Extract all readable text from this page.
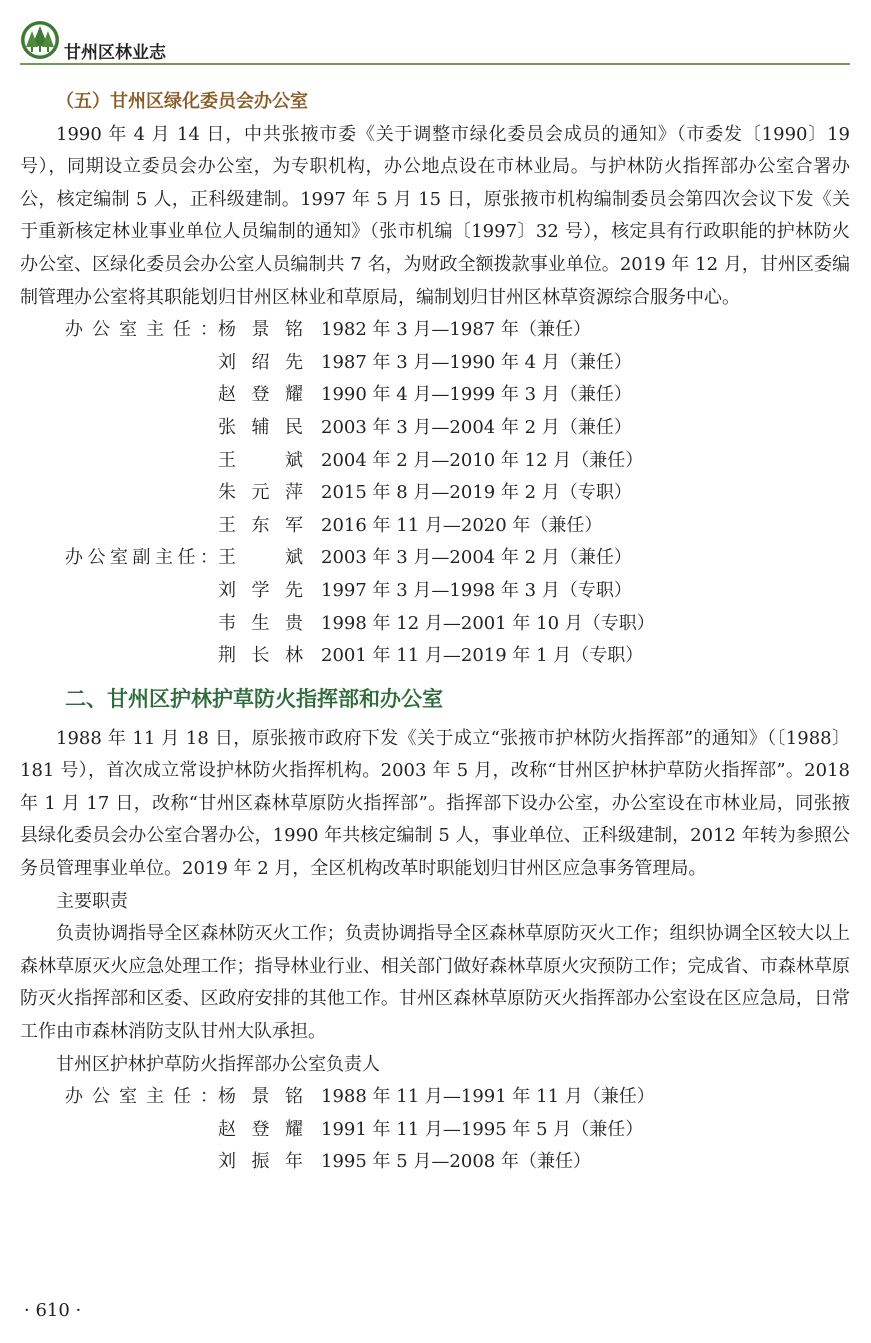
甘州区林业志

（五）甘州区绿化委员会办公室

1990 年 4 月 14 日，中共张掖市委《关于调整市绿化委员会成员的通知》（市委发〔1990〕19 号），同期设立委员会办公室，为专职机构，办公地点设在市林业局。与护林防火指挥部办公室合署办公，核定编制 5 人，正科级建制。1997 年 5 月 15 日，原张掖市机构编制委员会第四次会议下发《关于重新核定林业事业单位人员编制的通知》（张市机编〔1997〕32 号），核定具有行政职能的护林防火办公室、区绿化委员会办公室人员编制共 7 名，为财政全额拨款事业单位。2019 年 12 月，甘州区委编制管理办公室将其职能划归甘州区林业和草原局，编制划归甘州区林草资源综合服务中心。

办公室主任： 杨景铭 1982 年 3 月—1987 年（兼任）
刘绍先 1987 年 3 月—1990 年 4 月（兼任）
赵登耀 1990 年 4 月—1999 年 3 月（兼任）
张辅民 2003 年 3 月—2004 年 2 月（兼任）
王斌 2004 年 2 月—2010 年 12 月（兼任）
朱元萍 2015 年 8 月—2019 年 2 月（专职）
王东军 2016 年 11 月—2020 年（兼任）
办公室副主任： 王斌 2003 年 3 月—2004 年 2 月（兼任）
刘学先 1997 年 3 月—1998 年 3 月（专职）
韦生贵 1998 年 12 月—2001 年 10 月（专职）
荆长林 2001 年 11 月—2019 年 1 月（专职）
二、甘州区护林护草防火指挥部和办公室

1988 年 11 月 18 日，原张掖市政府下发《关于成立“张掖市护林防火指挥部”的通知》（〔1988〕181 号），首次成立常设护林防火指挥机构。2003 年 5 月，改称“甘州区护林护草防火指挥部”。2018 年 1 月 17 日，改称“甘州区森林草原防火指挥部”。指挥部下设办公室，办公室设在市林业局，同张掖县绿化委员会办公室合署办公，1990 年共核定编制 5 人，事业单位、正科级建制，2012 年转为参照公务员管理事业单位。2019 年 2 月，全区机构改革时职能划归甘州区应急事务管理局。

主要职责

负责协调指导全区森林防灭火工作；负责协调指导全区森林草原防灭火工作；组织协调全区较大以上森林草原灭火应急处理工作；指导林业行业、相关部门做好森林草原火灾预防工作；完成省、市森林草原防灭火指挥部和区委、区政府安排的其他工作。甘州区森林草原防灭火指挥部办公室设在区应急局，日常工作由市森林消防支队甘州大队承担。

甘州区护林护草防火指挥部办公室负责人

办公室主任： 杨景铭 1988 年 11 月—1991 年 11 月（兼任）
赵登耀 1991 年 11 月—1995 年 5 月（兼任）
刘振年 1995 年 5 月—2008 年（兼任）
· 610 ·
